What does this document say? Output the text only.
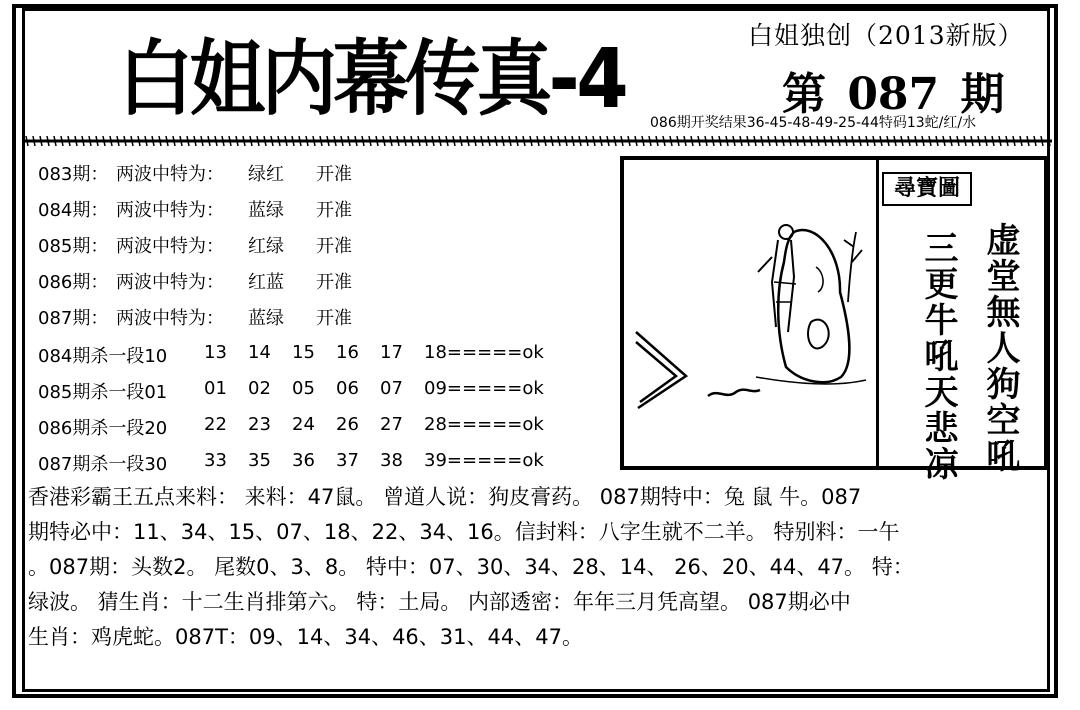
白姐独创（2013新版）
白姐内幕传真-4	第 087 期
086期开奖结果36-45-48-49-25-44特码13蛇/红/水
083期： 两波中特为： 绿红 开准
084期： 两波中特为： 蓝绿 开准
085期： 两波中特为： 红绿 开准
086期： 两波中特为： 红蓝 开准
087期： 两波中特为： 蓝绿 开准
084期杀一段10 13 14 15 16 17 18=====ok
085期杀一段01 01 02 05 06 07 09=====ok
086期杀一段20 22 23 24 26 27 28=====ok
087期杀一段30 33 35 36 37 38 39=====ok
尋寶圖
虚堂無人狗空吼
三更牛吼天悲凉
香港彩霸王五点来料： 来料：47鼠。 曾道人说：狗皮膏药。 087期特中：兔 鼠 牛。087
期特必中：11、34、15、07、18、22、34、16。信封料：八字生就不二羊。 特别料：一午
。087期：头数2。 尾数0、3、8。 特中：07、30、34、28、14、 26、20、44、47。 特：
绿波。 猜生肖：十二生肖排第六。 特：土局。 内部透密：年年三月凭高望。 087期必中
生肖：鸡虎蛇。087T：09、14、34、46、31、44、47。
